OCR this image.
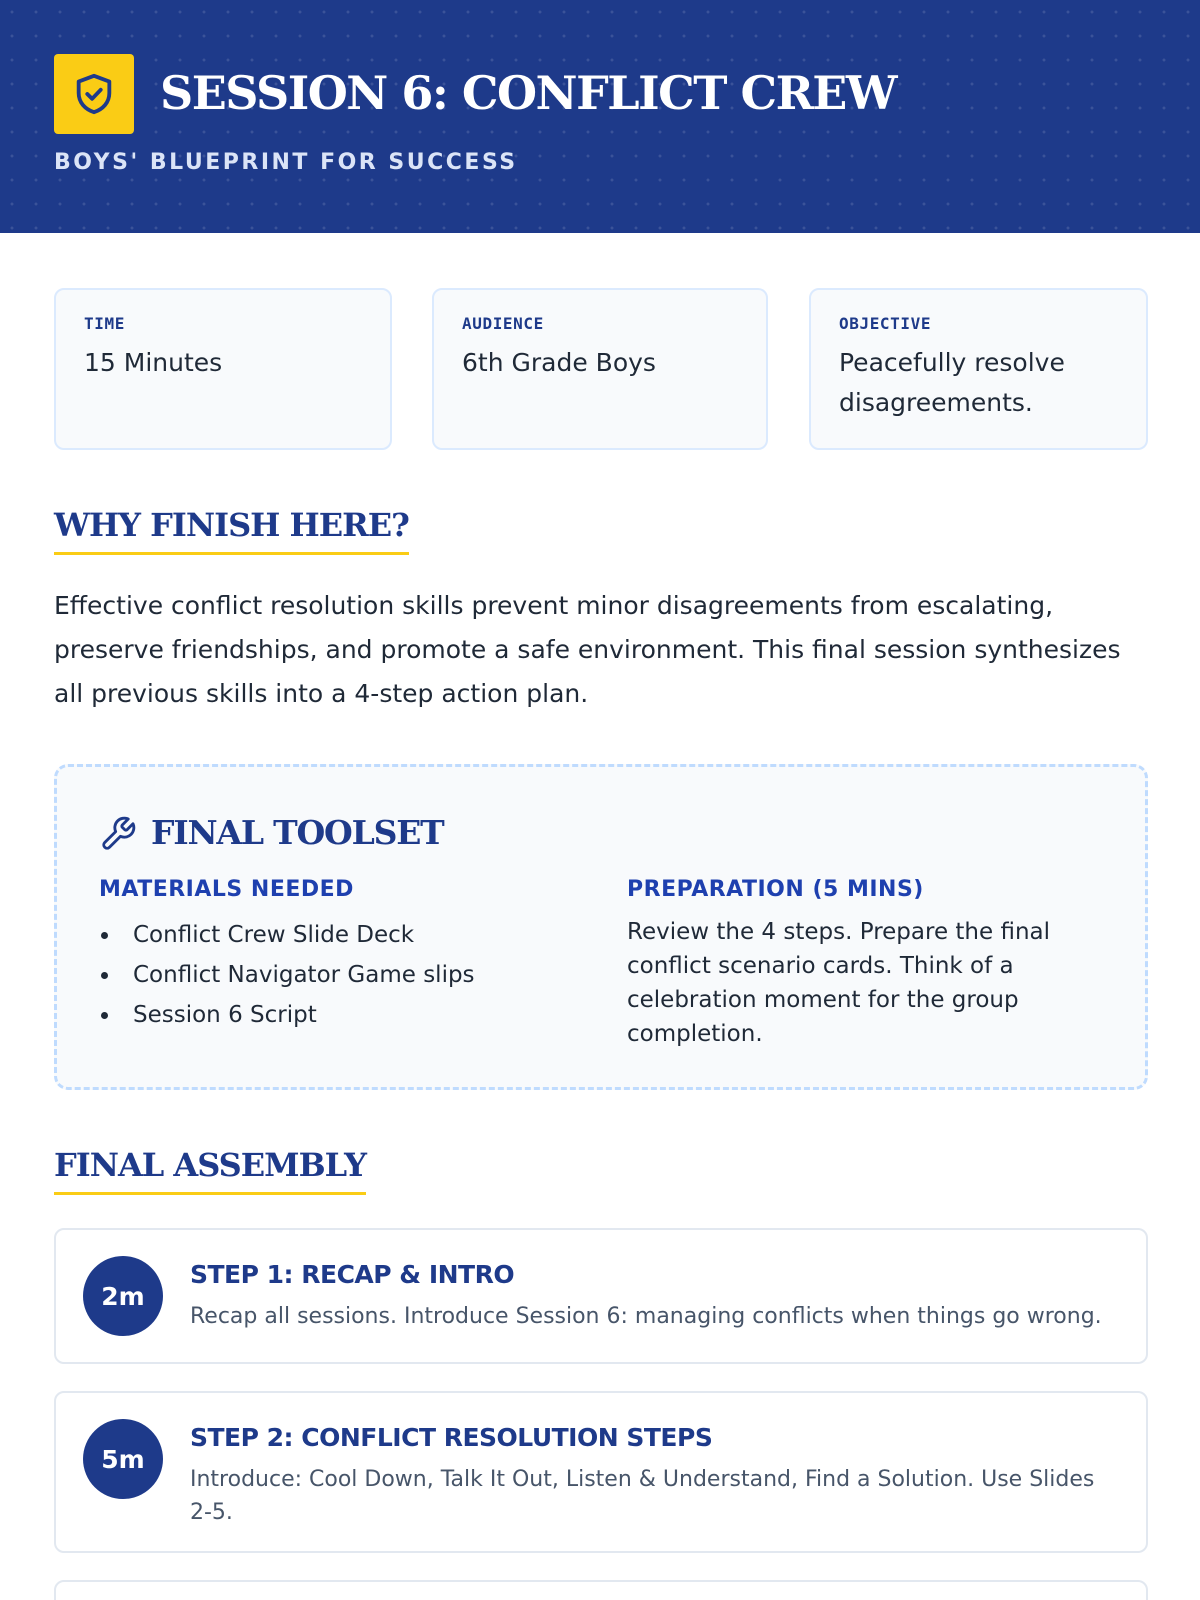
SESSION 6: CONFLICT CREW
BOYS' BLUEPRINT FOR SUCCESS
TIME
15 Minutes
AUDIENCE
6th Grade Boys
OBJECTIVE
Peacefully resolve disagreements.
WHY FINISH HERE?
Effective conflict resolution skills prevent minor disagreements from escalating, preserve friendships, and promote a safe environment. This final session synthesizes all previous skills into a 4-step action plan.
FINAL TOOLSET
MATERIALS NEEDED
Conflict Crew Slide Deck
Conflict Navigator Game slips
Session 6 Script
PREPARATION (5 MINS)
Review the 4 steps. Prepare the final conflict scenario cards. Think of a celebration moment for the group completion.
FINAL ASSEMBLY
2m
STEP 1: RECAP & INTRO
Recap all sessions. Introduce Session 6: managing conflicts when things go wrong.
5m
STEP 2: CONFLICT RESOLUTION STEPS
Introduce: Cool Down, Talk It Out, Listen & Understand, Find a Solution. Use Slides 2-5.
